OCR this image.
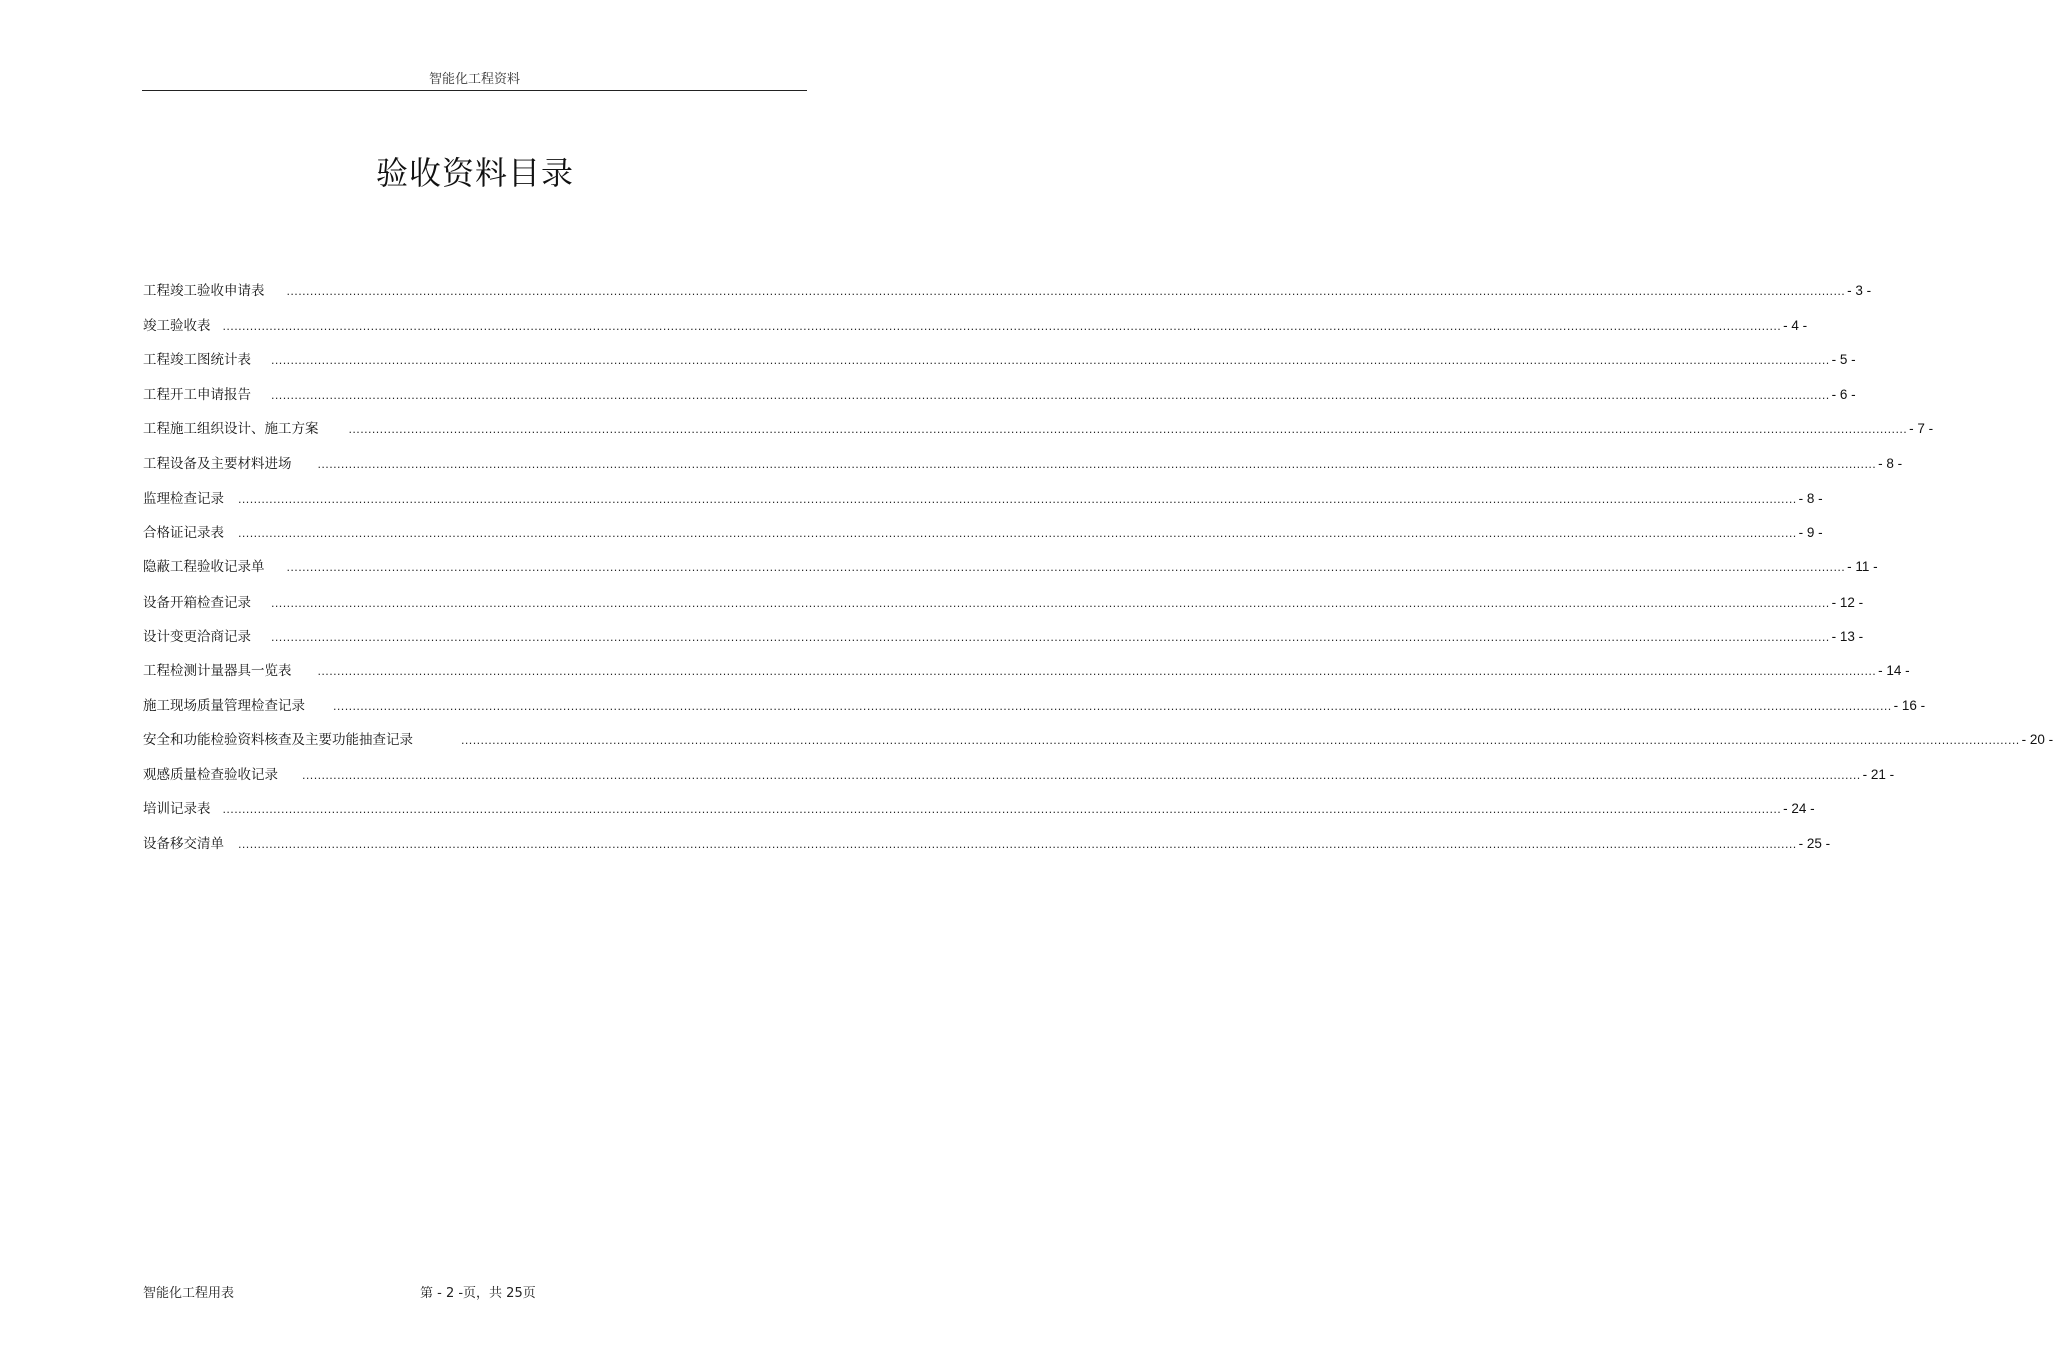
智能化工程资料
验收资料目录
工程竣工验收申请表 ................................................................................................................................................................................................................................................................................................................................................................................................................ - 3 -
竣工验收表 ................................................................................................................................................................................................................................................................................................................................................................................................................ - 4 -
工程竣工图统计表 ................................................................................................................................................................................................................................................................................................................................................................................................................ - 5 -
工程开工申请报告 ................................................................................................................................................................................................................................................................................................................................................................................................................ - 6 -
工程施工组织设计、施工方案	................................................................................................................................................................................................................................................................................................................................................................................................................ - 7 -
工程设备及主要材料进场 ................................................................................................................................................................................................................................................................................................................................................................................................................ - 8 -
监理检查记录 ................................................................................................................................................................................................................................................................................................................................................................................................................ - 8 -
合格证记录表 ................................................................................................................................................................................................................................................................................................................................................................................................................ - 9 -
隐蔽工程验收记录单 ................................................................................................................................................................................................................................................................................................................................................................................................................ - 11 -
设备开箱检查记录 ................................................................................................................................................................................................................................................................................................................................................................................................................ - 12 -
设计变更洽商记录 ................................................................................................................................................................................................................................................................................................................................................................................................................ - 13 -
工程检测计量器具一览表 ................................................................................................................................................................................................................................................................................................................................................................................................................ - 14 -
施工现场质量管理检查记录	................................................................................................................................................................................................................................................................................................................................................................................................................ - 16 -
安全和功能检验资料核查及主要功能抽查记录	................................................................................................................................................................................................................................................................................................................................................................................................................ - 20 -
观感质量检查验收记录 ................................................................................................................................................................................................................................................................................................................................................................................................................ - 21 -
培训记录表 ................................................................................................................................................................................................................................................................................................................................................................................................................ - 24 -
设备移交清单 ................................................................................................................................................................................................................................................................................................................................................................................................................ - 25 -
智能化工程用表	第 - 2 -页，共 25页
